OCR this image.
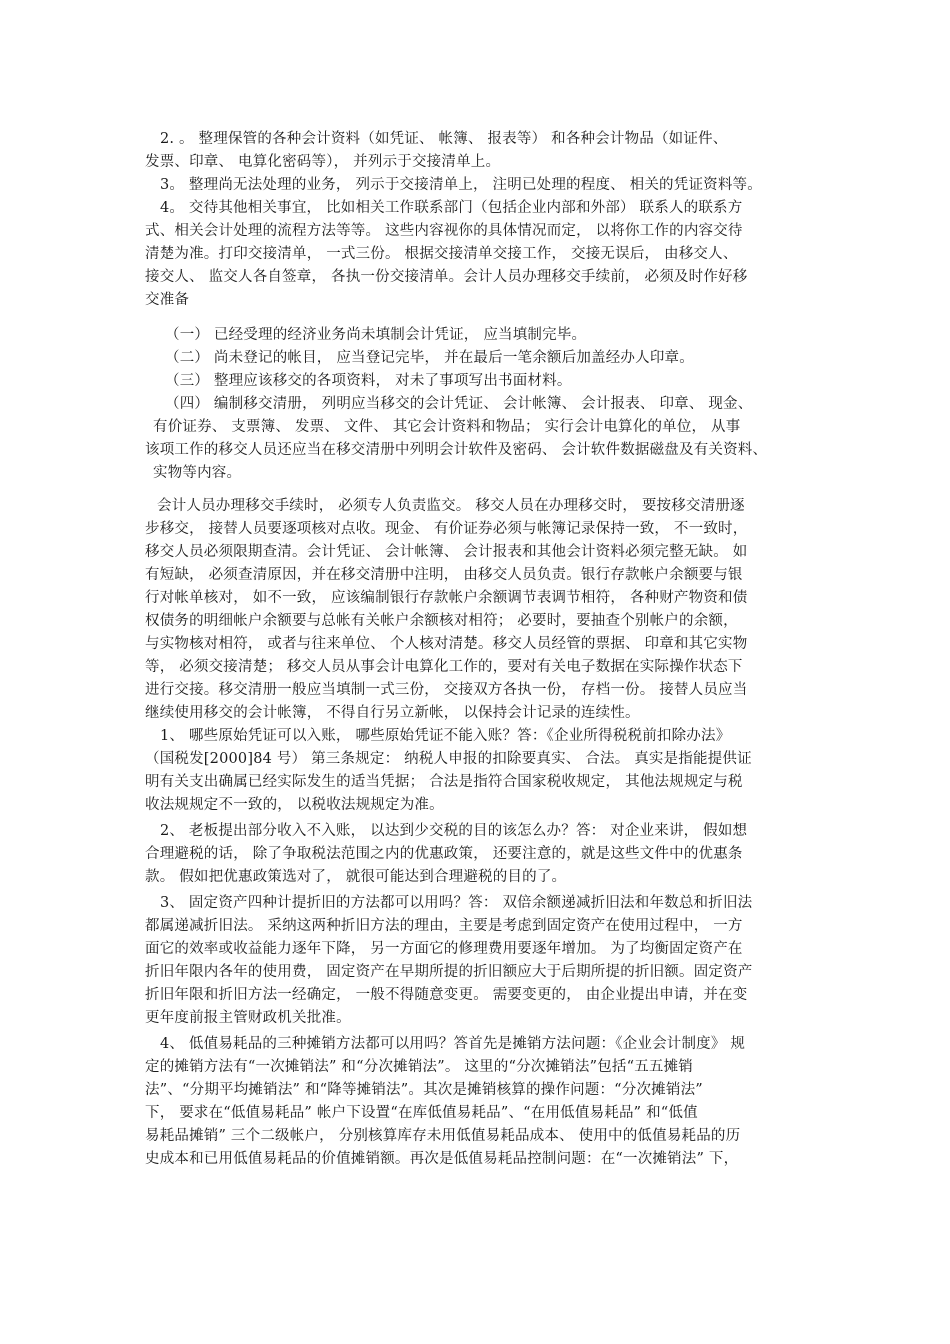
2. 。 整理保管的各种会计资料（如凭证、 帐簿、 报表等） 和各种会计物品（如证件、
发票、印章、 电算化密码等）， 并列示于交接清单上。
3。 整理尚无法处理的业务， 列示于交接清单上， 注明已处理的程度、 相关的凭证资料等。
4。 交待其他相关事宜， 比如相关工作联系部门（包括企业内部和外部） 联系人的联系方
式、相关会计处理的流程方法等等。 这些内容视你的具体情况而定， 以将你工作的内容交待
清楚为准。打印交接清单， 一式三份。 根据交接清单交接工作， 交接无误后， 由移交人、
接交人、 监交人各自签章， 各执一份交接清单。会计人员办理移交手续前， 必须及时作好移
交准备
（一） 已经受理的经济业务尚未填制会计凭证， 应当填制完毕。
（二） 尚未登记的帐目， 应当登记完毕， 并在最后一笔余额后加盖经办人印章。
（三） 整理应该移交的各项资料， 对未了事项写出书面材料。
（四） 编制移交清册， 列明应当移交的会计凭证、 会计帐簿、 会计报表、 印章、 现金、
有价证券、 支票簿、 发票、 文件、 其它会计资料和物品； 实行会计电算化的单位， 从事
该项工作的移交人员还应当在移交清册中列明会计软件及密码、 会计软件数据磁盘及有关资料、
实物等内容。
会计人员办理移交手续时， 必须专人负责监交。 移交人员在办理移交时， 要按移交清册逐
步移交， 接替人员要逐项核对点收。现金、 有价证券必须与帐簿记录保持一致， 不一致时，
移交人员必须限期查清。会计凭证、 会计帐簿、 会计报表和其他会计资料必须完整无缺。 如
有短缺， 必须查清原因，并在移交清册中注明， 由移交人员负责。银行存款帐户余额要与银
行对帐单核对， 如不一致， 应该编制银行存款帐户余额调节表调节相符， 各种财产物资和债
权债务的明细帐户余额要与总帐有关帐户余额核对相符； 必要时，要抽查个别帐户的余额，
与实物核对相符， 或者与往来单位、 个人核对清楚。移交人员经管的票据、 印章和其它实物
等， 必须交接清楚； 移交人员从事会计电算化工作的，要对有关电子数据在实际操作状态下
进行交接。移交清册一般应当填制一式三份， 交接双方各执一份， 存档一份。 接替人员应当
继续使用移交的会计帐簿， 不得自行另立新帐， 以保持会计记录的连续性。
1、 哪些原始凭证可以入账， 哪些原始凭证不能入账？答：《企业所得税税前扣除办法》
（国税发[2000]84 号） 第三条规定： 纳税人申报的扣除要真实、 合法。 真实是指能提供证
明有关支出确属已经实际发生的适当凭据； 合法是指符合国家税收规定， 其他法规规定与税
收法规规定不一致的， 以税收法规规定为准。
2、 老板提出部分收入不入账， 以达到少交税的目的该怎么办？答： 对企业来讲， 假如想
合理避税的话， 除了争取税法范围之内的优惠政策， 还要注意的，就是这些文件中的优惠条
款。 假如把优惠政策选对了， 就很可能达到合理避税的目的了。
3、 固定资产四种计提折旧的方法都可以用吗？答： 双倍余额递减折旧法和年数总和折旧法
都属递减折旧法。 采纳这两种折旧方法的理由，主要是考虑到固定资产在使用过程中， 一方
面它的效率或收益能力逐年下降， 另一方面它的修理费用要逐年增加。 为了均衡固定资产在
折旧年限内各年的使用费， 固定资产在早期所提的折旧额应大于后期所提的折旧额。固定资产
折旧年限和折旧方法一经确定， 一般不得随意变更。 需要变更的， 由企业提出申请，并在变
更年度前报主管财政机关批准。
4、 低值易耗品的三种摊销方法都可以用吗？答首先是摊销方法问题：《企业会计制度》 规
定的摊销方法有“一次摊销法” 和“分次摊销法”。 这里的“分次摊销法”包括“五五摊销
法”、“分期平均摊销法” 和“降等摊销法”。其次是摊销核算的操作问题：“分次摊销法”
下， 要求在“低值易耗品” 帐户下设置“在库低值易耗品”、“在用低值易耗品” 和“低值
易耗品摊销” 三个二级帐户， 分别核算库存未用低值易耗品成本、 使用中的低值易耗品的历
史成本和已用低值易耗品的价值摊销额。再次是低值易耗品控制问题：在“一次摊销法” 下，
